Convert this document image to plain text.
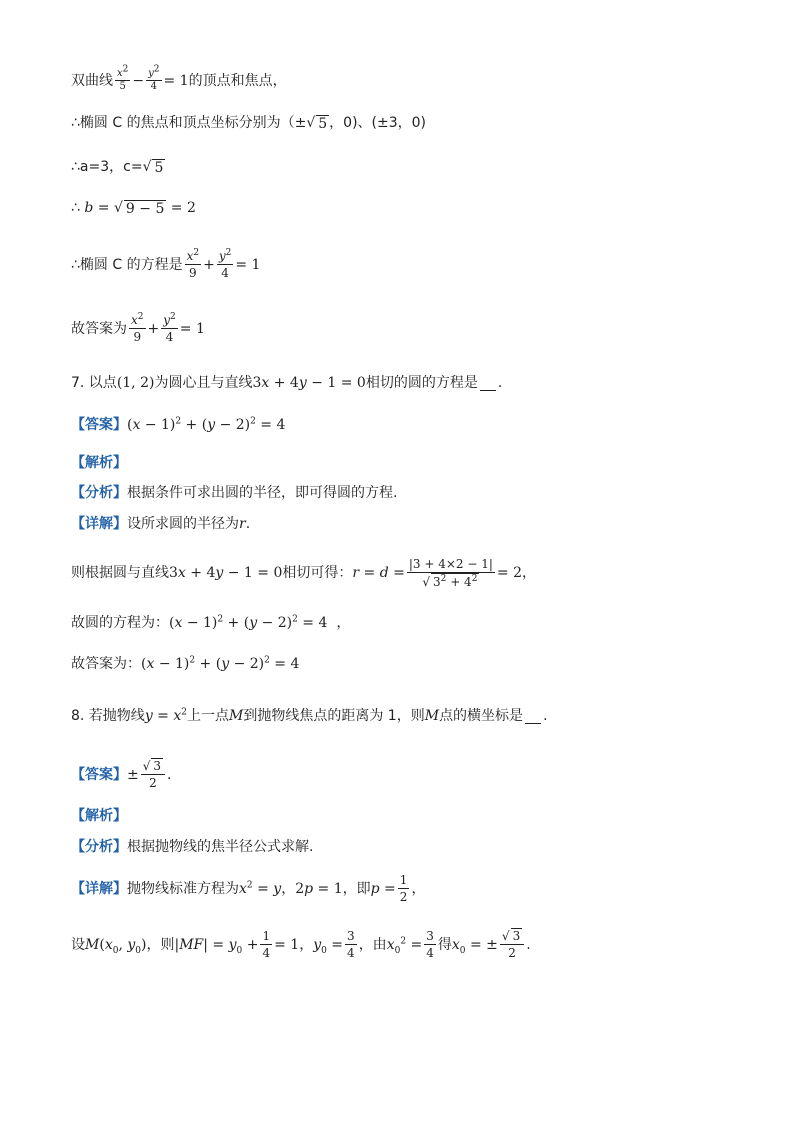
双曲线 $\frac{x^2}{5} - \frac{y^2}{4} = 1$ 的顶点和焦点，
∴椭圆 C 的焦点和顶点坐标分别为（± √ 5 ，0)、(±3，0)
∴a=3，c= √ 5
∴ b = √ 9 − 5 = 2
∴椭圆 C 的方程是 $\frac{x^2}{9} + \frac{y^2}{4} = 1$
故答案为 $\frac{x^2}{9} + \frac{y^2}{4} = 1$
7. 以点 (1, 2) 为圆心且与直线 3x + 4y − 1 = 0 相切的圆的方程是 .
【答案】 $(x - 1)^2 + (y - 2)^2 = 4$
【解析】
【分析】 根据条件可求出圆的半径，即可得圆的方程.
【详解】 设所求圆的半径为 r .
则根据圆与直线 3x + 4y − 1 = 0 相切可得： $r = d = \frac{|3 + 4\times 2 - 1|}{√ 3^2 + 4^2} = 2$ ，
故圆的方程为： $(x - 1)^2 + (y - 2)^2 = 4$
，
故答案为： $(x - 1)^2 + (y - 2)^2 = 4$
8. 若抛物线 $y = x^2$ 上一点 M 到抛物线焦点的距离为 1，则 M 点的横坐标是 .
【答案】 ± $\frac{√ 3}{2}$ .
【解析】
【分析】 根据抛物线的焦半径公式求解.
【详解】 抛物线标准方程为 $x^2 = y$ ， 2p = 1 ，即 $p = \frac{1}{2}$ ，
设 $M(x_0$, $y_0$) ，则 $|MF| = y_0 + \frac{1}{4} = 1$ ， $y_0 = \frac{3}{4}$ ，由 $x_0^2 = \frac{3}{4}$ 得 $x_0$ = ± $\frac{√ 3}{2}$ .
